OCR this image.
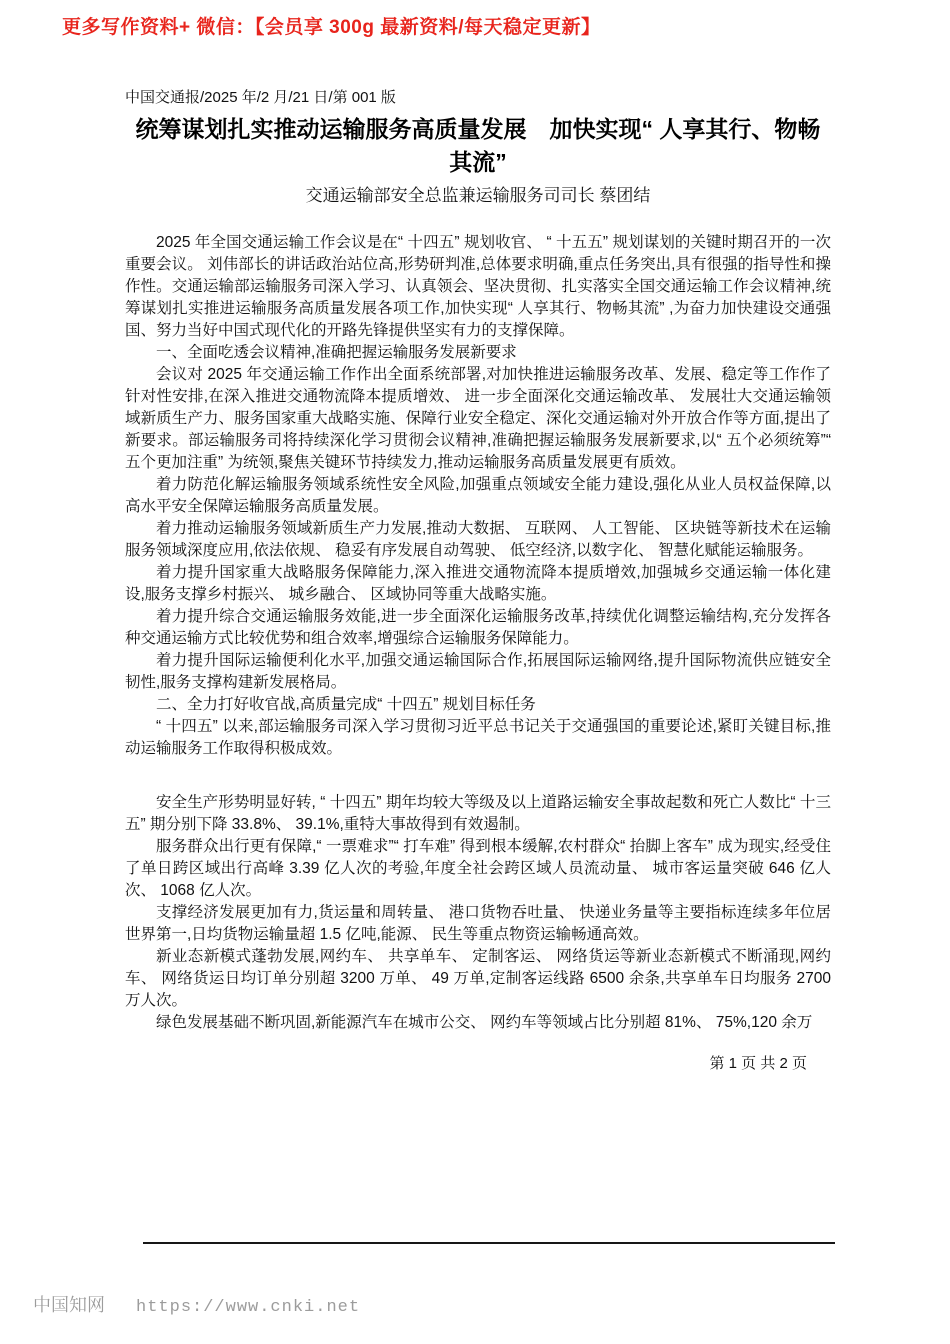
更多写作资料+ 微信：【会员享 300g 最新资料/每天稳定更新】
中国交通报/2025 年/2 月/21 日/第 001 版
统筹谋划扎实推动运输服务高质量发展　加快实现“ 人享其行、物畅其流”
交通运输部安全总监兼运输服务司司长 蔡团结

2025 年全国交通运输工作会议是在“ 十四五” 规划收官、 “ 十五五” 规划谋划的关键时期召开的一次重要会议。 刘伟部长的讲话政治站位高,形势研判准,总体要求明确,重点任务突出,具有很强的指导性和操作性。交通运输部运输服务司深入学习、认真领会、坚决贯彻、扎实落实全国交通运输工作会议精神,统筹谋划扎实推进运输服务高质量发展各项工作,加快实现“ 人享其行、物畅其流” ,为奋力加快建设交通强国、努力当好中国式现代化的开路先锋提供坚实有力的支撑保障。

一、全面吃透会议精神,准确把握运输服务发展新要求

会议对 2025 年交通运输工作作出全面系统部署,对加快推进运输服务改革、发展、稳定等工作作了针对性安排,在深入推进交通物流降本提质增效、 进一步全面深化交通运输改革、 发展壮大交通运输领域新质生产力、服务国家重大战略实施、保障行业安全稳定、深化交通运输对外开放合作等方面,提出了新要求。部运输服务司将持续深化学习贯彻会议精神,准确把握运输服务发展新要求,以“ 五个必须统筹”“ 五个更加注重” 为统领,聚焦关键环节持续发力,推动运输服务高质量发展更有质效。

着力防范化解运输服务领域系统性安全风险,加强重点领域安全能力建设,强化从业人员权益保障,以高水平安全保障运输服务高质量发展。

着力推动运输服务领域新质生产力发展,推动大数据、 互联网、 人工智能、 区块链等新技术在运输服务领域深度应用,依法依规、 稳妥有序发展自动驾驶、 低空经济,以数字化、 智慧化赋能运输服务。

着力提升国家重大战略服务保障能力,深入推进交通物流降本提质增效,加强城乡交通运输一体化建设,服务支撑乡村振兴、 城乡融合、 区域协同等重大战略实施。

着力提升综合交通运输服务效能,进一步全面深化运输服务改革,持续优化调整运输结构,充分发挥各种交通运输方式比较优势和组合效率,增强综合运输服务保障能力。

着力提升国际运输便利化水平,加强交通运输国际合作,拓展国际运输网络,提升国际物流供应链安全韧性,服务支撑构建新发展格局。

二、全力打好收官战,高质量完成“ 十四五” 规划目标任务

“ 十四五” 以来,部运输服务司深入学习贯彻习近平总书记关于交通强国的重要论述,紧盯关键目标,推动运输服务工作取得积极成效。

安全生产形势明显好转, “ 十四五” 期年均较大等级及以上道路运输安全事故起数和死亡人数比“ 十三五” 期分别下降 33.8%、 39.1%,重特大事故得到有效遏制。

服务群众出行更有保障,“ 一票难求”“ 打车难” 得到根本缓解,农村群众“ 抬脚上客车” 成为现实,经受住了单日跨区域出行高峰 3.39 亿人次的考验,年度全社会跨区域人员流动量、 城市客运量突破 646 亿人次、 1068 亿人次。

支撑经济发展更加有力,货运量和周转量、 港口货物吞吐量、 快递业务量等主要指标连续多年位居世界第一,日均货物运输量超 1.5 亿吨,能源、 民生等重点物资运输畅通高效。

新业态新模式蓬勃发展,网约车、 共享单车、 定制客运、 网络货运等新业态新模式不断涌现,网约车、 网络货运日均订单分别超 3200 万单、 49 万单,定制客运线路 6500 余条,共享单车日均服务 2700 万人次。

绿色发展基础不断巩固,新能源汽车在城市公交、 网约车等领域占比分别超 81%、 75%,120 余万

第 1 页 共 2 页
中国知网 https://www.cnki.net
